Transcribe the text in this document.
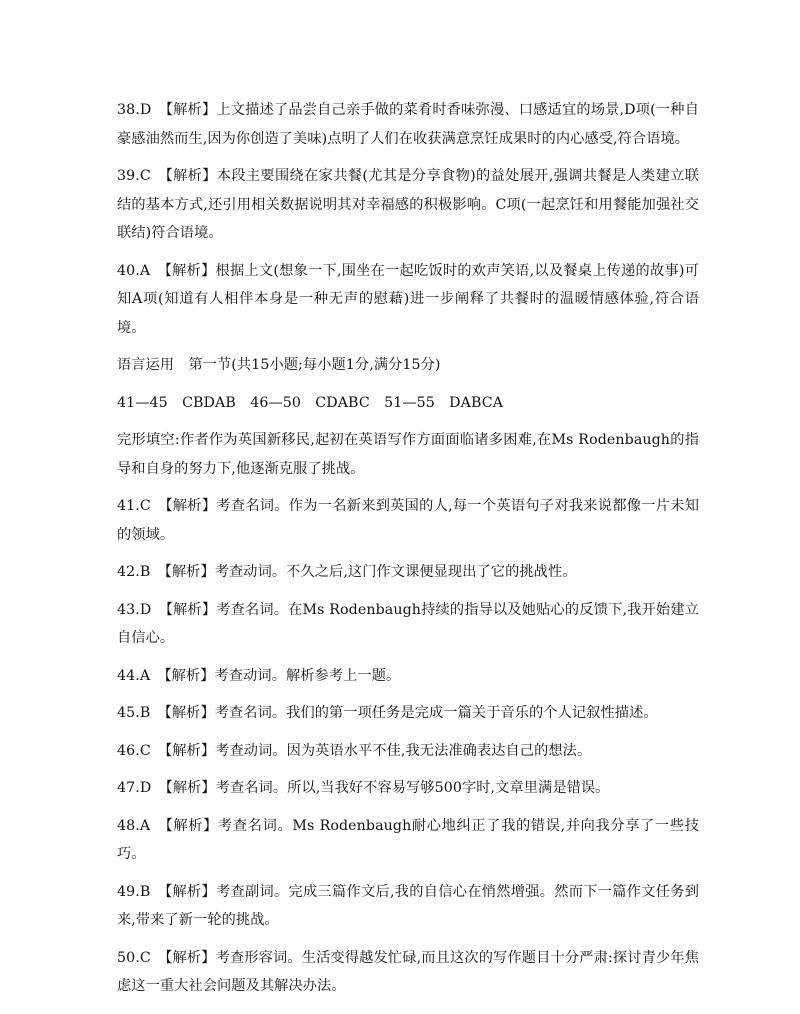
38.D　【解析】上文描述了品尝自己亲手做的菜肴时香味弥漫、口感适宜的场景,D项(一种自豪感油然而生,因为你创造了美味)点明了人们在收获满意烹饪成果时的内心感受,符合语境。

39.C　【解析】本段主要围绕在家共餐(尤其是分享食物)的益处展开,强调共餐是人类建立联结的基本方式,还引用相关数据说明其对幸福感的积极影响。C项(一起烹饪和用餐能加强社交联结)符合语境。

40.A　【解析】根据上文(想象一下,围坐在一起吃饭时的欢声笑语,以及餐桌上传递的故事)可知A项(知道有人相伴本身是一种无声的慰藉)进一步阐释了共餐时的温暖情感体验,符合语境。

语言运用　第一节(共15小题;每小题1分,满分15分)

41—45　CBDAB　46—50　CDABC　51—55　DABCA

完形填空:作者作为英国新移民,起初在英语写作方面面临诸多困难,在Ms Rodenbaugh的指导和自身的努力下,他逐渐克服了挑战。

41.C　【解析】考查名词。作为一名新来到英国的人,每一个英语句子对我来说都像一片未知的领域。

42.B　【解析】考查动词。不久之后,这门作文课便显现出了它的挑战性。

43.D　【解析】考查名词。在Ms Rodenbaugh持续的指导以及她贴心的反馈下,我开始建立自信心。

44.A　【解析】考查动词。解析参考上一题。

45.B　【解析】考查名词。我们的第一项任务是完成一篇关于音乐的个人记叙性描述。

46.C　【解析】考查动词。因为英语水平不佳,我无法准确表达自己的想法。

47.D　【解析】考查名词。所以,当我好不容易写够500字时,文章里满是错误。

48.A　【解析】考查名词。Ms Rodenbaugh耐心地纠正了我的错误,并向我分享了一些技巧。

49.B　【解析】考查副词。完成三篇作文后,我的自信心在悄然增强。然而下一篇作文任务到来,带来了新一轮的挑战。

50.C　【解析】考查形容词。生活变得越发忙碌,而且这次的写作题目十分严肃:探讨青少年焦虑这一重大社会问题及其解决办法。
